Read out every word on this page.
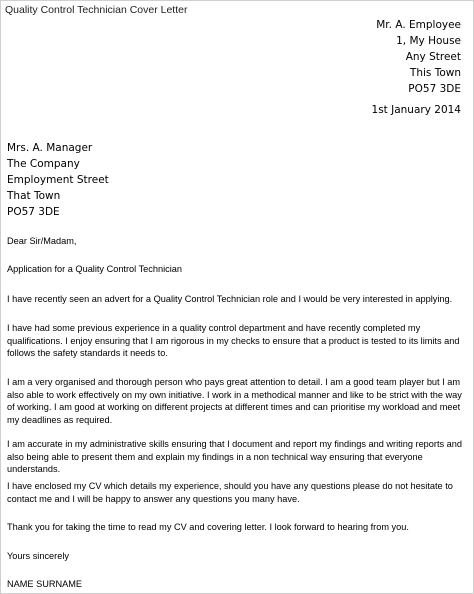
Quality Control Technician Cover Letter
Mr. A. Employee
1, My House
Any Street
This Town
PO57 3DE
1st January 2014
Mrs. A. Manager
The Company
Employment Street
That Town
PO57 3DE
Dear Sir/Madam,
Application for a Quality Control Technician
I have recently seen an advert for a Quality Control Technician role and I would be very interested in applying.
I have had some previous experience in a quality control department and have recently completed my qualifications. I enjoy ensuring that I am rigorous in my checks to ensure that a product is tested to its limits and follows the safety standards it needs to.
I am a very organised and thorough person who pays great attention to detail. I am a good team player but I am also able to work effectively on my own initiative. I work in a methodical manner and like to be strict with the way of working. I am good at working on different projects at different times and can prioritise my workload and meet my deadlines as required.
I am accurate in my administrative skills ensuring that I document and report my findings and writing reports and also being able to present them and explain my findings in a non technical way ensuring that everyone understands.
I have enclosed my CV which details my experience, should you have any questions please do not hesitate to contact me and I will be happy to answer any questions you many have.
Thank you for taking the time to read my CV and covering letter. I look forward to hearing from you.
Yours sincerely
NAME SURNAME
